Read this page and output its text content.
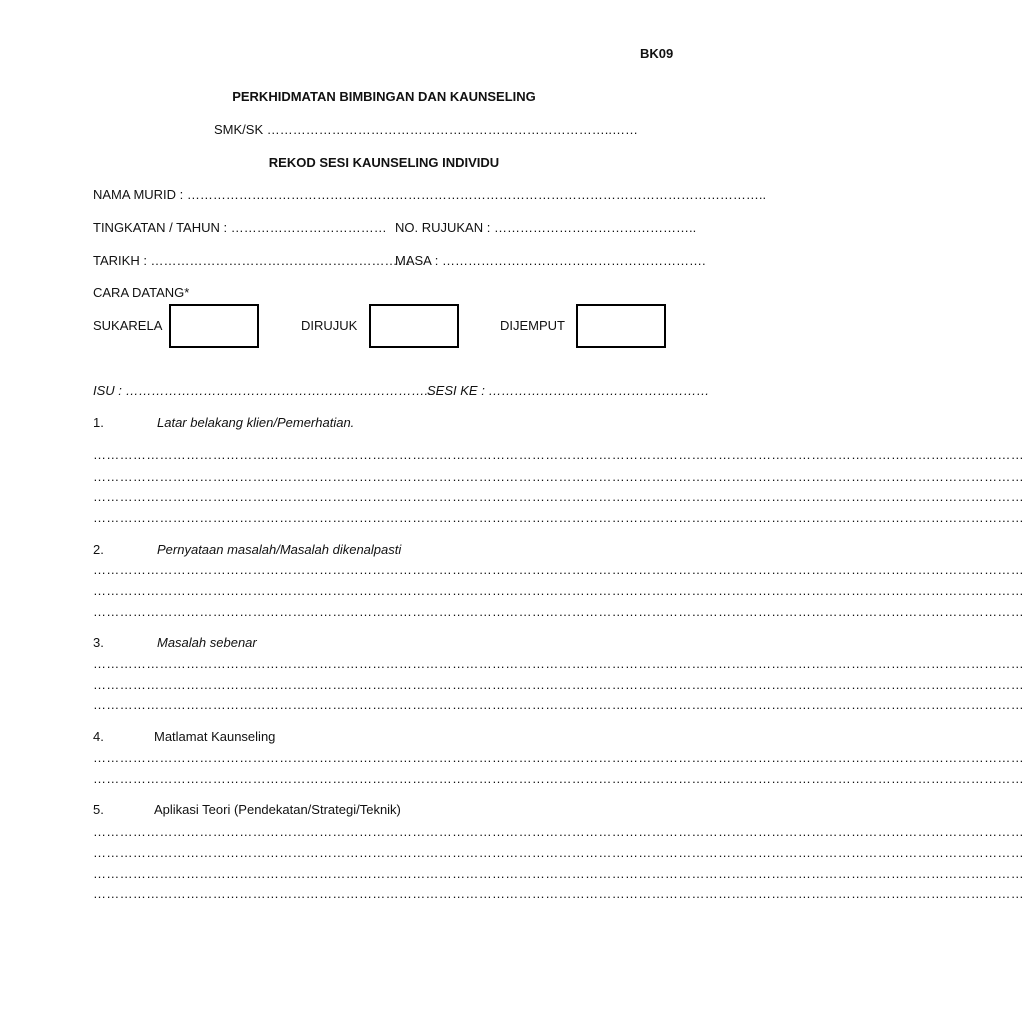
BK09
PERKHIDMATAN BIMBINGAN DAN KAUNSELING
SMK/SK ……………………………………………………………………..……
REKOD SESI KAUNSELING INDIVIDU
NAMA MURID : ……………………………………………………………………………………………………………………..
TINGKATAN / TAHUN : ……………………………… NO. RUJUKAN : ………………………………………..
TARIKH : ……………………………………………………
MASA : …………………………………………………….
CARA DATANG*
SUKARELA	DIRUJUK	DIJEMPUT
ISU : ……………………………………………………………..
SESI KE : ……………………………………………
1.	Latar belakang klien/Pemerhatian.
…………………………………………………………………………………………………………………………………………………………………………………………
…………………………………………………………………………………………………………………………………………………………………………………………
…………………………………………………………………………………………………………………………………………………………………………………………
…………………………………………………………………………………………………………………………………………………………………………………………
2.	Pernyataan masalah/Masalah dikenalpasti
…………………………………………………………………………………………………………………………………………………………………………………………
…………………………………………………………………………………………………………………………………………………………………………………………
…………………………………………………………………………………………………………………………………………………………………………………………
3.	Masalah sebenar
…………………………………………………………………………………………………………………………………………………………………………………………
…………………………………………………………………………………………………………………………………………………………………………………………
…………………………………………………………………………………………………………………………………………………………………………………………
4.	Matlamat Kaunseling
…………………………………………………………………………………………………………………………………………………………………………………………
…………………………………………………………………………………………………………………………………………………………………………………………
5.	Aplikasi Teori (Pendekatan/Strategi/Teknik)
…………………………………………………………………………………………………………………………………………………………………………………………
…………………………………………………………………………………………………………………………………………………………………………………………
…………………………………………………………………………………………………………………………………………………………………………………………
…………………………………………………………………………………………………………………………………………………………………………………………
